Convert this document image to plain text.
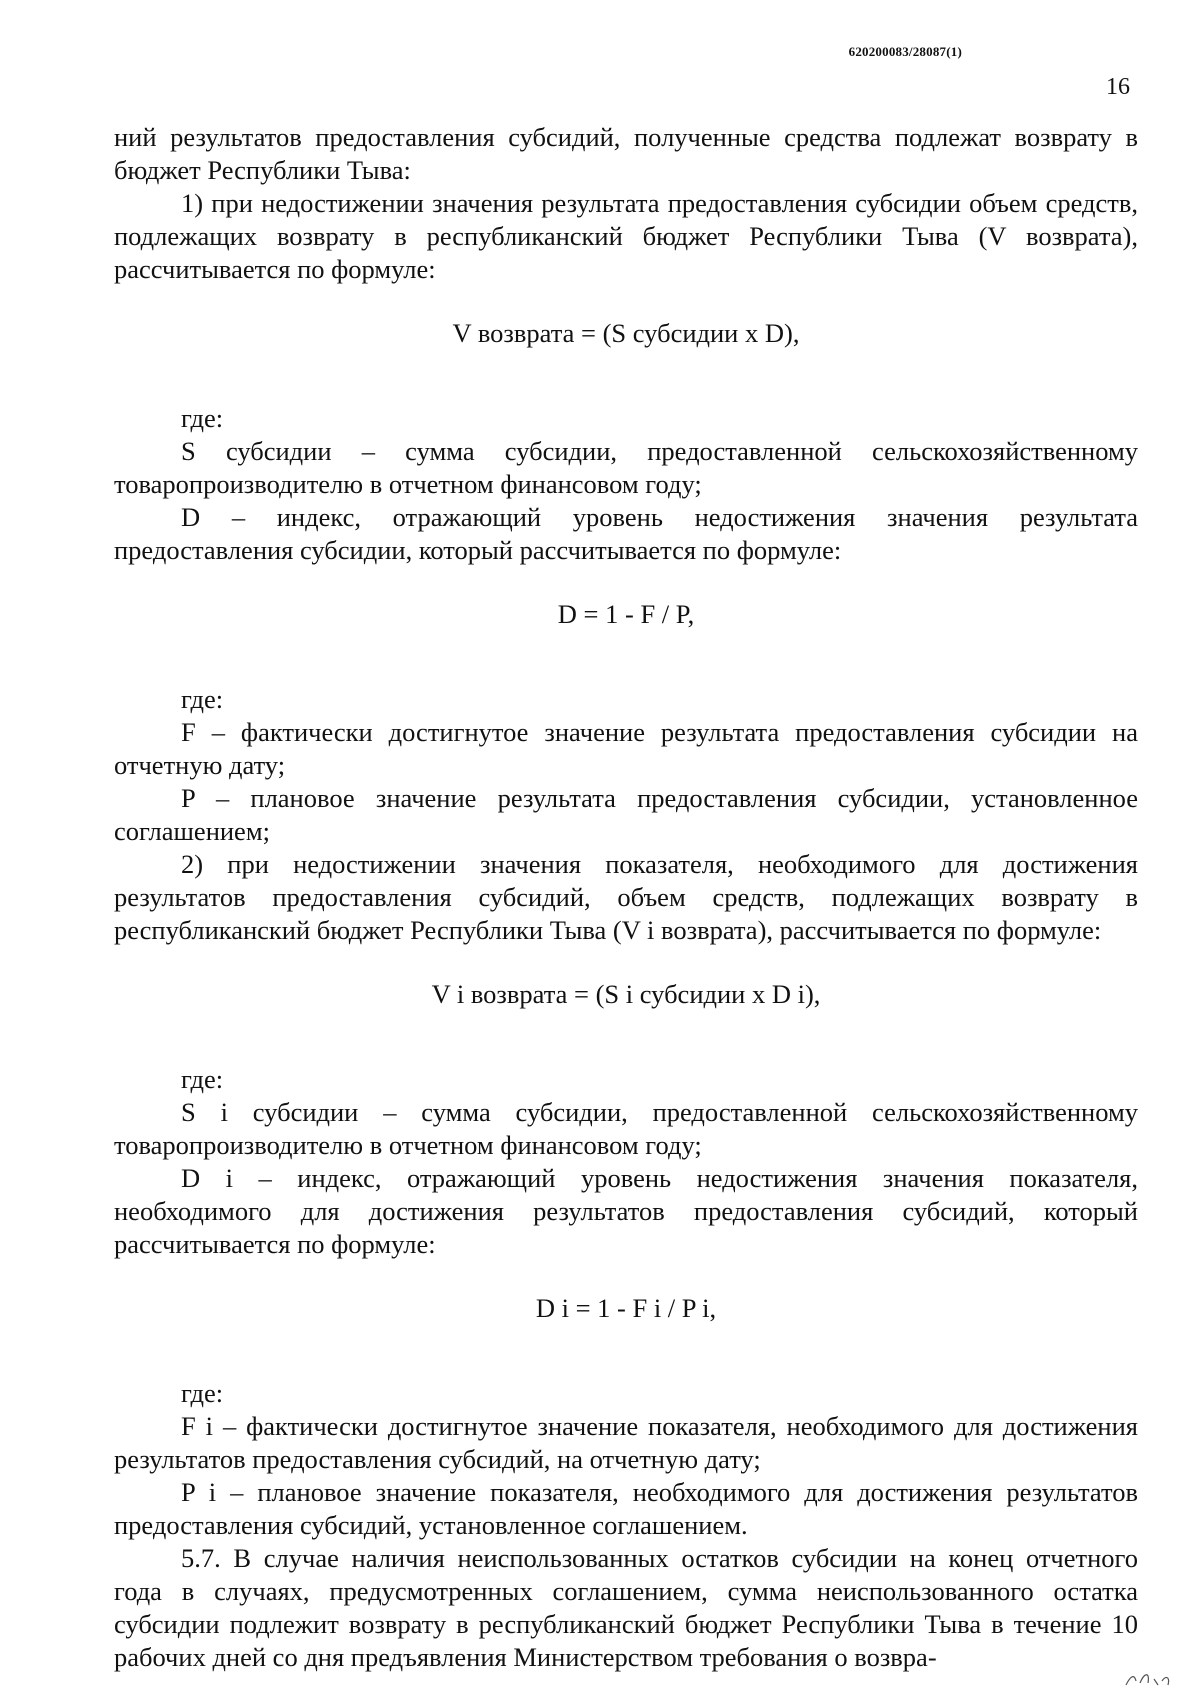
620200083/28087(1)
16

ний результатов предоставления субсидий, полученные средства подлежат возврату в бюджет Республики Тыва:

1) при недостижении значения результата предоставления субсидии объем средств, подлежащих возврату в республиканский бюджет Республики Тыва (V возврата), рассчитывается по формуле:

V возврата = (S субсидии x D),

где:

S субсидии – сумма субсидии, предоставленной сельскохозяйственному товаропроизводителю в отчетном финансовом году;

D – индекс, отражающий уровень недостижения значения результата предоставления субсидии, который рассчитывается по формуле:

D = 1 - F / P,

где:

F – фактически достигнутое значение результата предоставления субсидии на отчетную дату;

P – плановое значение результата предоставления субсидии, установленное соглашением;

2) при недостижении значения показателя, необходимого для достижения результатов предоставления субсидий, объем средств, подлежащих возврату в республиканский бюджет Республики Тыва (V i возврата), рассчитывается по формуле:

V i возврата = (S i субсидии x D i),

где:

S i субсидии – сумма субсидии, предоставленной сельскохозяйственному товаропроизводителю в отчетном финансовом году;

D i – индекс, отражающий уровень недостижения значения показателя, необходимого для достижения результатов предоставления субсидий, который рассчитывается по формуле:

D i = 1 - F i / P i,

где:

F i – фактически достигнутое значение показателя, необходимого для достижения результатов предоставления субсидий, на отчетную дату;

P i – плановое значение показателя, необходимого для достижения результатов предоставления субсидий, установленное соглашением.

5.7. В случае наличия неиспользованных остатков субсидии на конец отчетного года в случаях, предусмотренных соглашением, сумма неиспользованного остатка субсидии подлежит возврату в республиканский бюджет Республики Тыва в течение 10 рабочих дней со дня предъявления Министерством требования о возвра-
